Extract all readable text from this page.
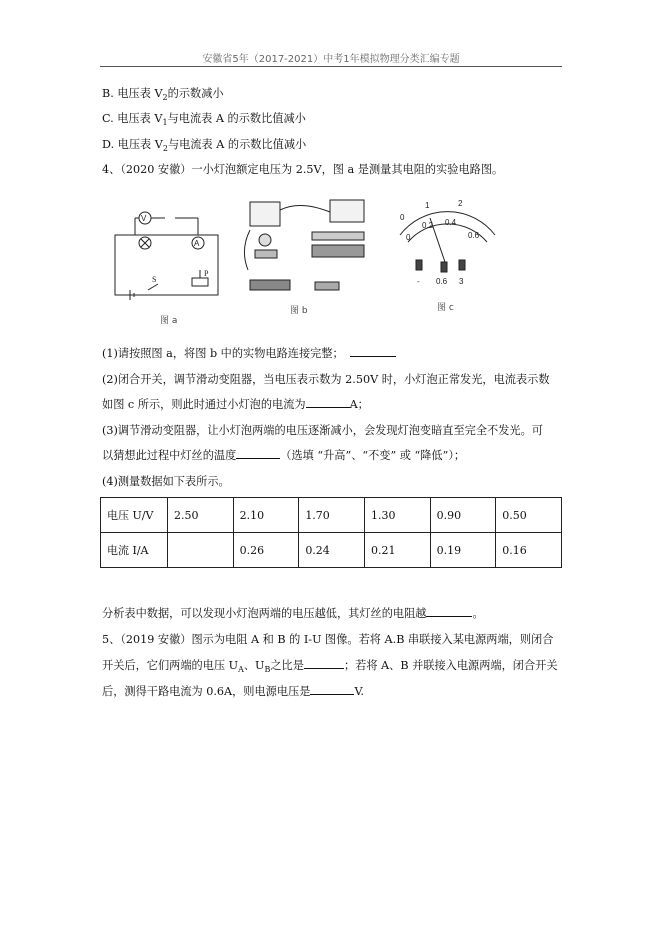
安徽省5年（2017-2021）中考1年模拟物理分类汇编专题
B. 电压表 $V_2$的示数减小
C. 电压表 $V_1$与电流表 A 的示数比值减小
D. 电压表 $V_2$与电流表 A 的示数比值减小
4、（2020 安徽）一小灯泡额定电压为 2.5V，图 a 是测量其电阻的实验电路图。
V
A
S
P
图 a
图 b
0
1	2
0
0.2 0.4
0.6
- 0.6 3
图 c
(1)请按照图 a，将图 b 中的实物电路连接完整；
(2)闭合开关，调节滑动变阻器，当电压表示数为 2.50V 时，小灯泡正常发光，电流表示数
如图 c 所示，则此时通过小灯泡的电流为	A；
(3)调节滑动变阻器，让小灯泡两端的电压逐渐减小，会发现灯泡变暗直至完全不发光。可
以猜想此过程中灯丝的温度	（选填 “升高”、“不变” 或 “降低”）；
(4)测量数据如下表所示。
电压 U/V	2.50	2.10	1.70	1.30	0.90	0.50
电流 I/A		0.26	0.24	0.21	0.19	0.16
分析表中数据，可以发现小灯泡两端的电压越低，其灯丝的电阻越	。
5、（2019 安徽）图示为电阻 A 和 B 的 I-U 图像。若将 A.B 串联接入某电源两端，则闭合
开关后，它们两端的电压 $U_A$、$U_B$之比是	；若将 A、B 并联接入电源两端，闭合开关
后，测得干路电流为 0.6A，则电源电压是	V.
